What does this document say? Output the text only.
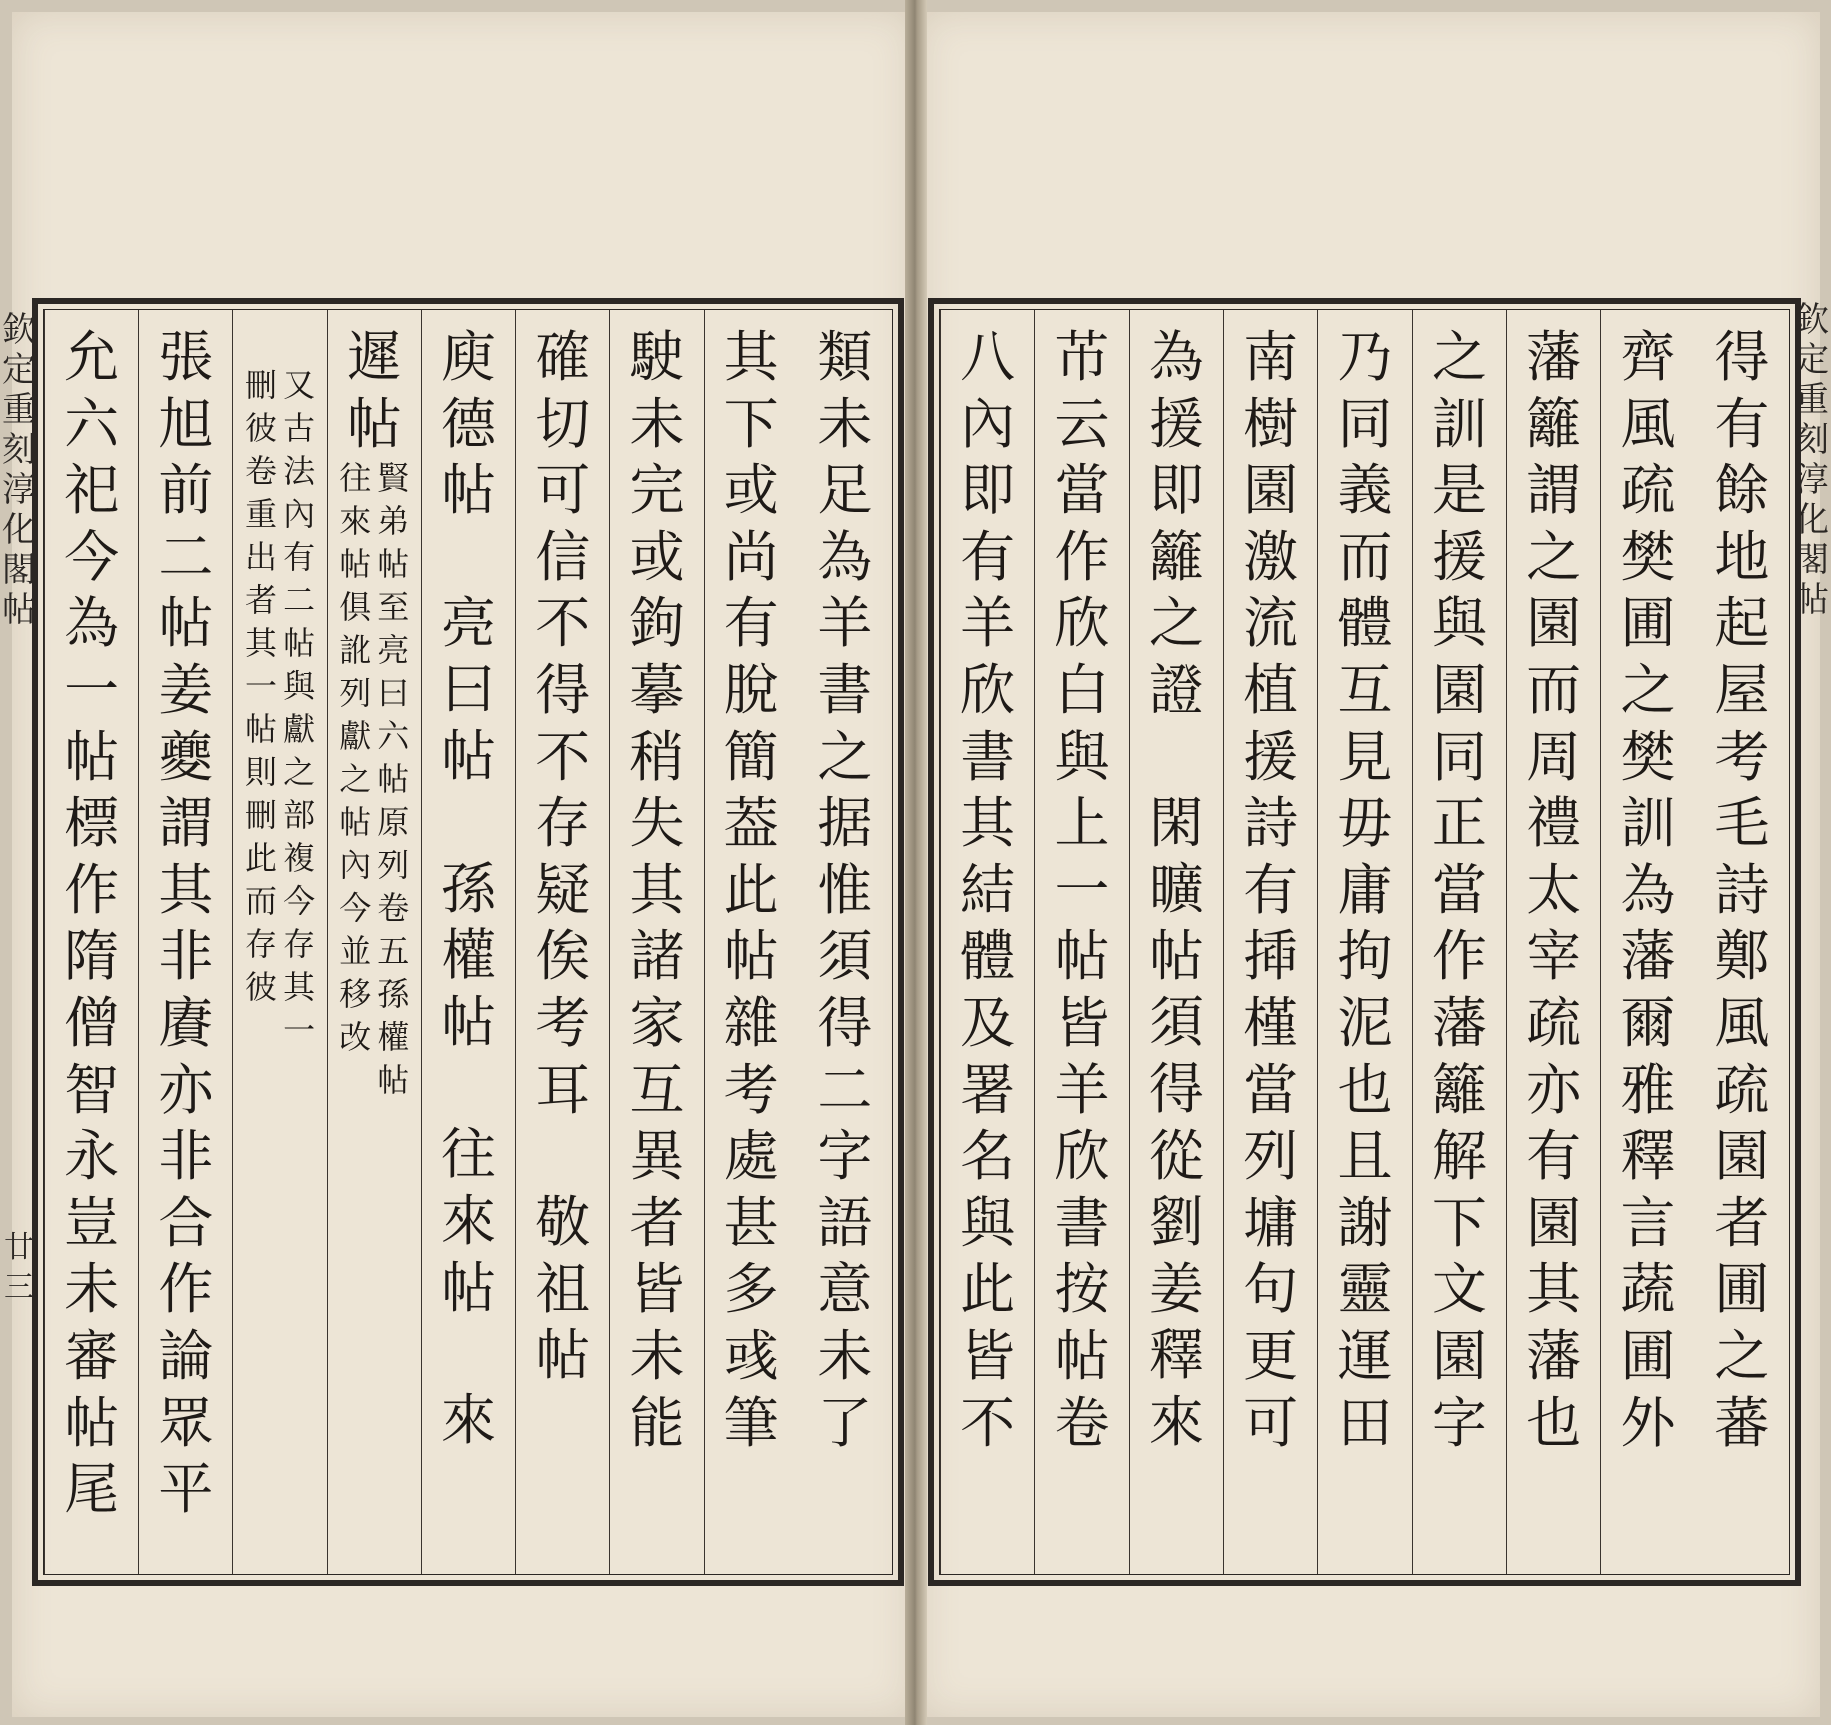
欽
定
重
刻
淳
化
閣
帖
廿
三
類
未
足
為
羊
書
之
据
惟
須
得
二
字
語
意
未
了
其
下
或
尚
有
脫
簡
葢
此
帖
雜
考
處
甚
多
彧
筆
駛
未
完
或
鉤
摹
稍
失
其
諸
家
互
異
者
皆
未
能
確
切
可
信
不
得
不
存
疑
俟
考
耳
敬
祖
帖
庾
德
帖
亮
曰
帖
孫
權
帖
往
來
帖
來
遲
帖
賢
弟
帖
至
亮
曰
六
帖
原
列
卷
五
孫
權
帖
往
來
帖
俱
訛
列
獻
之
帖
內
今
並
移
改
又
古
法
內
有
二
帖
與
獻
之
部
複
今
存
其
一
刪
彼
卷
重
出
者
其
一
帖
則
刪
此
而
存
彼
張
旭
前
二
帖
姜
夔
謂
其
非
賡
亦
非
合
作
論
眾
平
允
六
祀
今
為
一
帖
標
作
隋
僧
智
永
豈
未
審
帖
尾
得
有
餘
地
起
屋
考
毛
詩
鄭
風
疏
園
者
圃
之
蕃
齊
風
疏
樊
圃
之
樊
訓
為
藩
爾
雅
釋
言
蔬
圃
外
藩
籬
謂
之
園
而
周
禮
太
宰
疏
亦
有
園
其
藩
也
之
訓
是
援
與
園
同
正
當
作
藩
籬
解
下
文
園
字
乃
同
義
而
體
互
見
毋
庸
拘
泥
也
且
謝
靈
運
田
南
樹
園
激
流
植
援
詩
有
揷
槿
當
列
墉
句
更
可
為
援
即
籬
之
證
閑
曠
帖
須
得
從
劉
姜
釋
來
芇
云
當
作
欣
白
與
上
一
帖
皆
羊
欣
書
按
帖
卷
八
內
即
有
羊
欣
書
其
結
體
及
署
名
與
此
皆
不
欽
定
重
刻
淳
化
閣
帖
